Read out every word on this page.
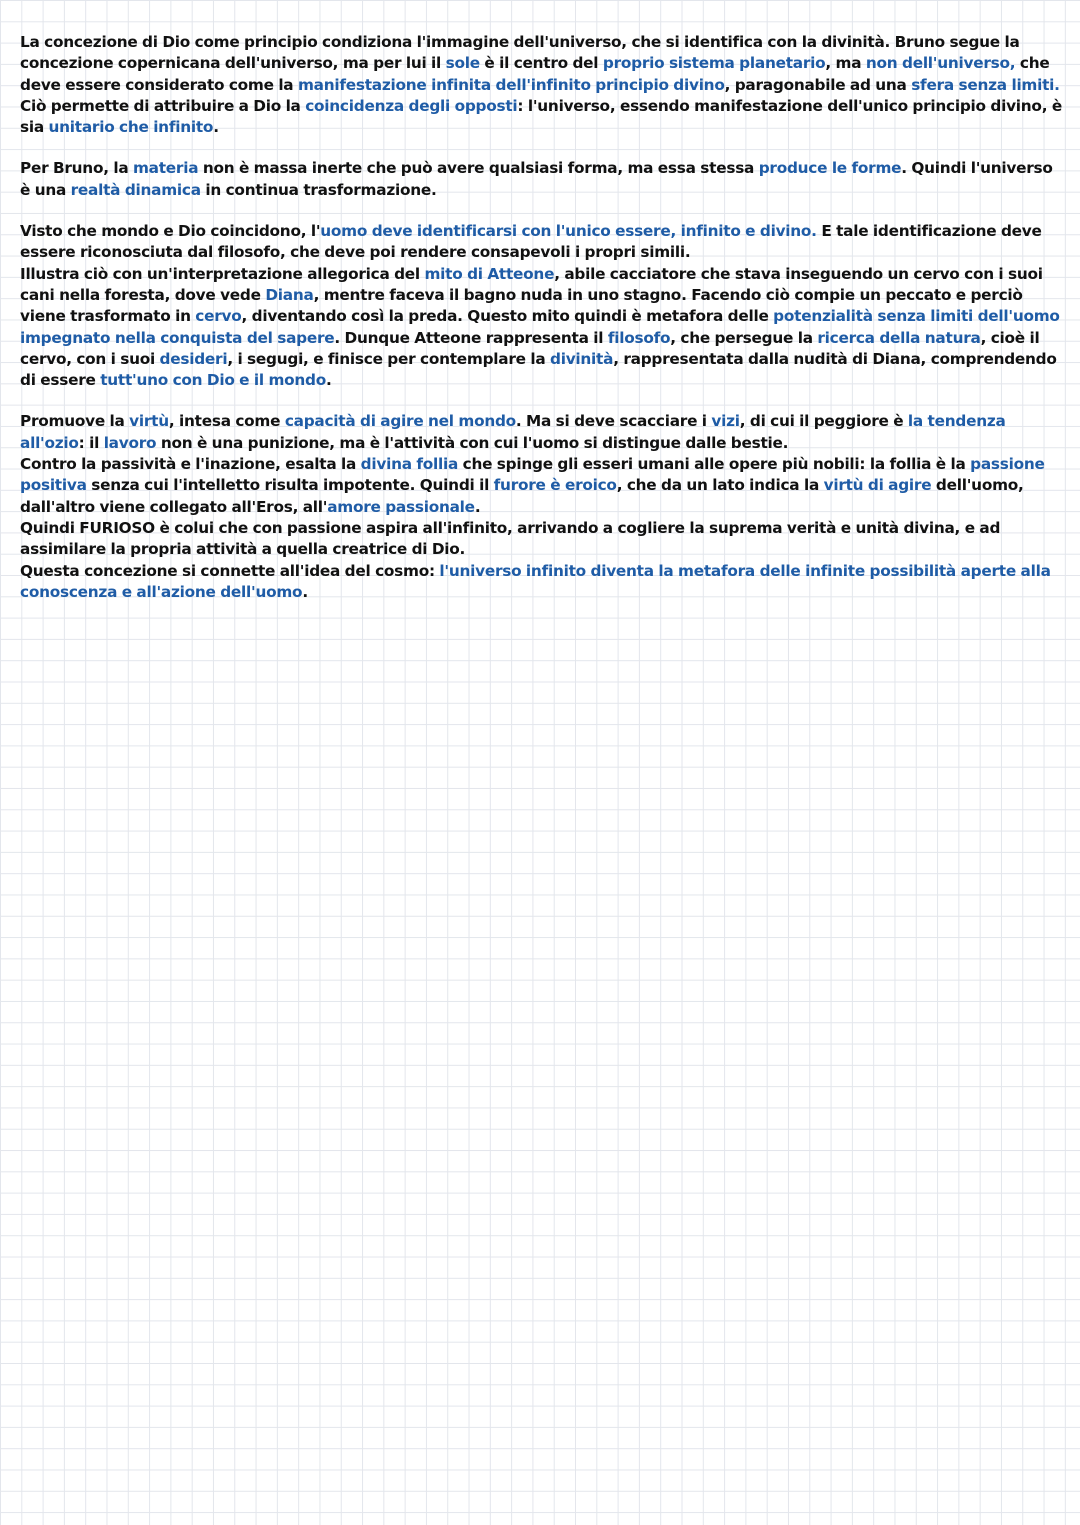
La concezione di Dio come principio condiziona l'immagine dell'universo, che si identifica con la divinità. Bruno segue la concezione copernicana dell'universo, ma per lui il sole è il centro del proprio sistema planetario, ma non dell'universo, che deve essere considerato come la manifestazione infinita dell'infinito principio divino, paragonabile ad una sfera senza limiti. Ciò permette di attribuire a Dio la coincidenza degli opposti: l'universo, essendo manifestazione dell'unico principio divino, è sia unitario che infinito.

Per Bruno, la materia non è massa inerte che può avere qualsiasi forma, ma essa stessa produce le forme. Quindi l'universo è una realtà dinamica in continua trasformazione.

Visto che mondo e Dio coincidono, l'uomo deve identificarsi con l'unico essere, infinito e divino. E tale identificazione deve essere riconosciuta dal filosofo, che deve poi rendere consapevoli i propri simili.
Illustra ciò con un'interpretazione allegorica del mito di Atteone, abile cacciatore che stava inseguendo un cervo con i suoi cani nella foresta, dove vede Diana, mentre faceva il bagno nuda in uno stagno. Facendo ciò compie un peccato e perciò viene trasformato in cervo, diventando così la preda. Questo mito quindi è metafora delle potenzialità senza limiti dell'uomo impegnato nella conquista del sapere. Dunque Atteone rappresenta il filosofo, che persegue la ricerca della natura, cioè il cervo, con i suoi desideri, i segugi, e finisce per contemplare la divinità, rappresentata dalla nudità di Diana, comprendendo di essere tutt'uno con Dio e il mondo.

Promuove la virtù, intesa come capacità di agire nel mondo. Ma si deve scacciare i vizi, di cui il peggiore è la tendenza all'ozio: il lavoro non è una punizione, ma è l'attività con cui l'uomo si distingue dalle bestie.
Contro la passività e l'inazione, esalta la divina follia che spinge gli esseri umani alle opere più nobili: la follia è la passione positiva senza cui l'intelletto risulta impotente. Quindi il furore è eroico, che da un lato indica la virtù di agire dell'uomo, dall'altro viene collegato all'Eros, all'amore passionale.
Quindi FURIOSO è colui che con passione aspira all'infinito, arrivando a cogliere la suprema verità e unità divina, e ad assimilare la propria attività a quella creatrice di Dio.
Questa concezione si connette all'idea del cosmo: l'universo infinito diventa la metafora delle infinite possibilità aperte alla conoscenza e all'azione dell'uomo.
